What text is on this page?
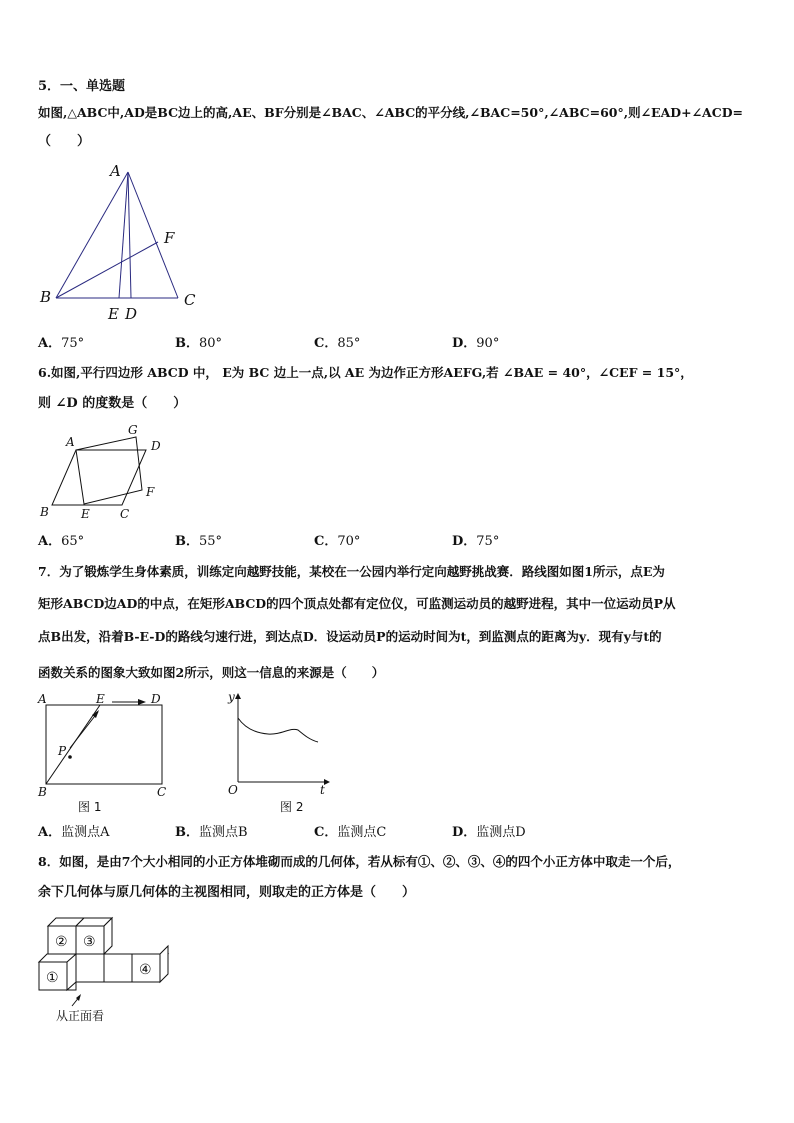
5．一、单选题
如图,△ABC中,AD是BC边上的高,AE、BF分别是∠BAC、∠ABC的平分线,∠BAC=50°,∠ABC=60°,则∠EAD+∠ACD=
（　　）
A
B	C
E D
F
A．75°	B．80°	C．85°	D．90°
6.如图,平行四边形 ABCD 中， E为 BC 边上一点,以 AE 为边作正方形AEFG,若 ∠BAE = 40°，∠CEF = 15°，
则 ∠D 的度数是（　　）
A
G
D
F
B	E	C
A．65°	B．55°	C．70°	D．75°
7．为了锻炼学生身体素质，训练定向越野技能，某校在一公园内举行定向越野挑战赛．路线图如图1所示，点E为
矩形ABCD边AD的中点，在矩形ABCD的四个顶点处都有定位仪，可监测运动员的越野进程，其中一位运动员P从
点B出发，沿着B-E-D的路线匀速行进，到达点D．设运动员P的运动时间为t，到监测点的距离为y．现有y与t的
函数关系的图象大致如图2所示，则这一信息的来源是（　　）
A	E	D
P
B	C
图 1
y
t
O
图 2
A．监测点A	B．监测点B	C．监测点C	D．监测点D
8．如图，是由7个大小相同的小正方体堆砌而成的几何体，若从标有①、②、③、④的四个小正方体中取走一个后，
余下几何体与原几何体的主视图相同，则取走的正方体是（　　）
② ③
①	④
从正面看
